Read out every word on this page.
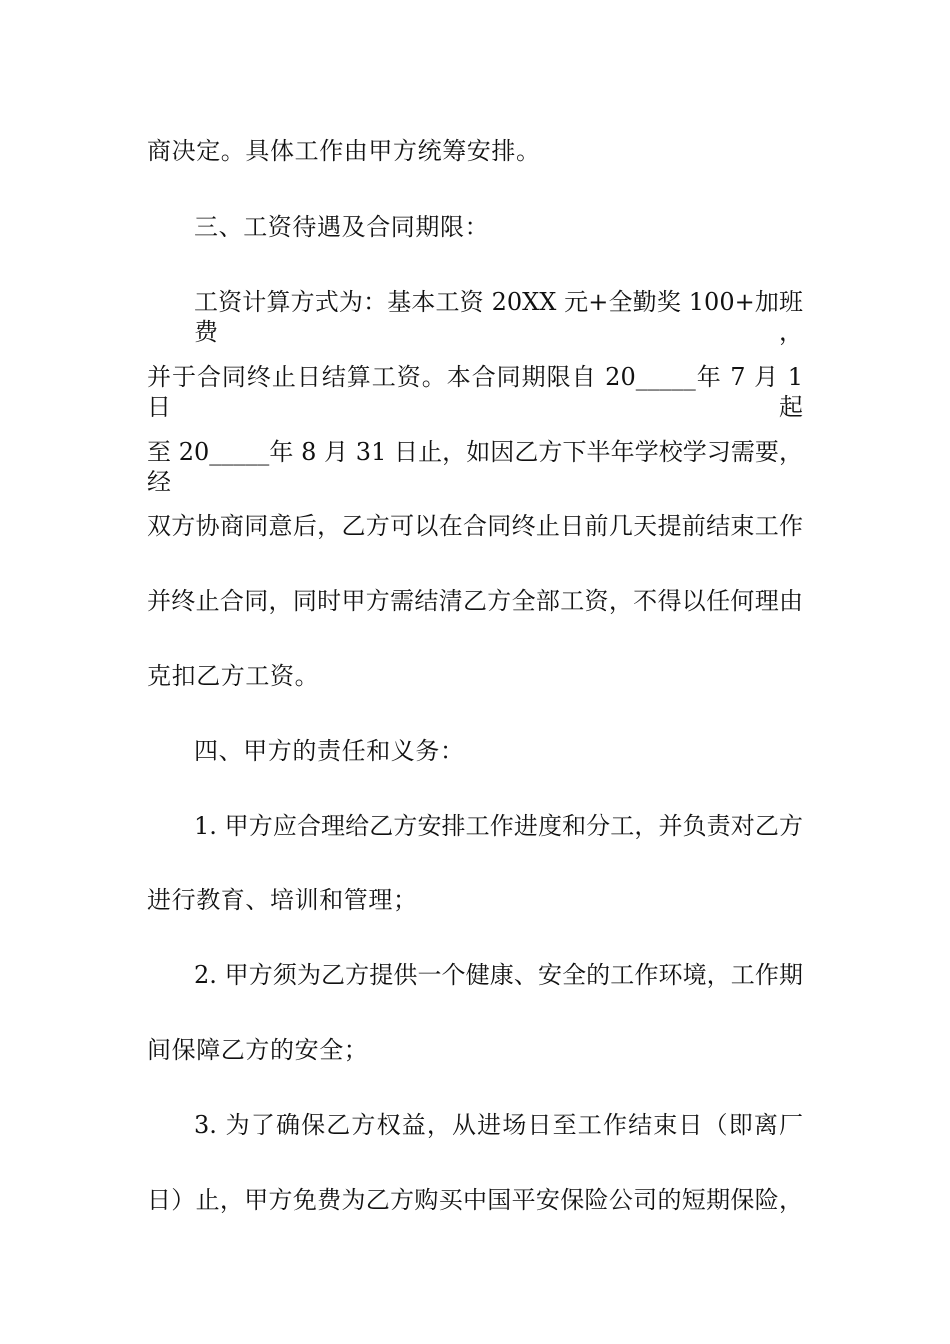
商决定。具体工作由甲方统筹安排。
三、工资待遇及合同期限：
工资计算方式为：基本工资 20XX 元+全勤奖 100+加班费，
并于合同终止日结算工资。本合同期限自 20_____年 7 月 1 日起
至 20_____年 8 月 31 日止，如因乙方下半年学校学习需要，经
双方协商同意后，乙方可以在合同终止日前几天提前结束工作
并终止合同，同时甲方需结清乙方全部工资，不得以任何理由
克扣乙方工资。
四、甲方的责任和义务：
1. 甲方应合理给乙方安排工作进度和分工，并负责对乙方
进行教育、培训和管理；
2. 甲方须为乙方提供一个健康、安全的工作环境，工作期
间保障乙方的安全；
3. 为了确保乙方权益，从进场日至工作结束日（即离厂
日）止，甲方免费为乙方购买中国平安保险公司的短期保险，
